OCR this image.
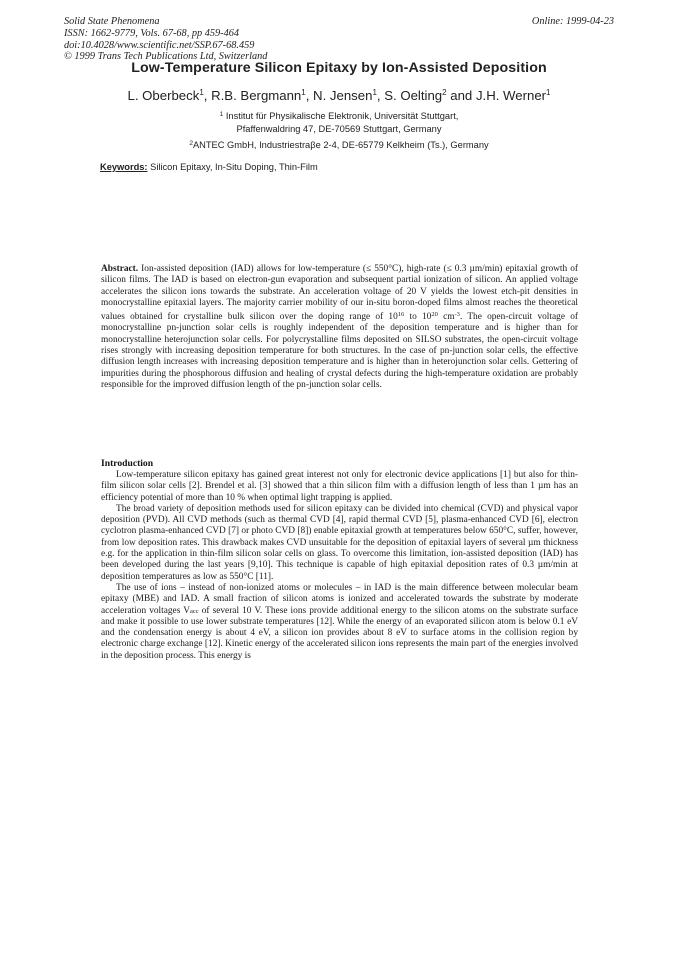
Solid State Phenomena
ISSN: 1662-9779, Vols. 67-68, pp 459-464
doi:10.4028/www.scientific.net/SSP.67-68.459
© 1999 Trans Tech Publications Ltd, Switzerland
Online: 1999-04-23
Low-Temperature Silicon Epitaxy by Ion-Assisted Deposition
L. Oberbeck$^1$, R.B. Bergmann$^1$, N. Jensen$^1$, S. Oelting$^2$ and J.H. Werner$^1$
$^1$ Institut für Physikalische Elektronik, Universität Stuttgart,
Pfaffenwaldring 47, DE-70569 Stuttgart, Germany
$^2$ANTEC GmbH, Industriestraβe 2-4, DE-65779 Kelkheim (Ts.), Germany
Keywords: Silicon Epitaxy, In-Situ Doping, Thin-Film

Abstract. Ion-assisted deposition (IAD) allows for low-temperature (≤ 550°C), high-rate (≤ 0.3 µm/min) epitaxial growth of silicon films. The IAD is based on electron-gun evaporation and subsequent partial ionization of silicon. An applied voltage accelerates the silicon ions towards the substrate. An acceleration voltage of 20 V yields the lowest etch-pit densities in monocrystalline epitaxial layers. The majority carrier mobility of our in-situ boron-doped films almost reaches the theoretical values obtained for crystalline bulk silicon over the doping range of $10^{16}$ to $10^{20}$ $cm^{-3}$. The open-circuit voltage of monocrystalline pn-junction solar cells is roughly independent of the deposition temperature and is higher than for monocrystalline heterojunction solar cells. For polycrystalline films deposited on SILSO substrates, the open-circuit voltage rises strongly with increasing deposition temperature for both structures. In the case of pn-junction solar cells, the effective diffusion length increases with increasing deposition temperature and is higher than in heterojunction solar cells. Gettering of impurities during the phosphorous diffusion and healing of crystal defects during the high-temperature oxidation are probably responsible for the improved diffusion length of the pn-junction solar cells.

Introduction

Low-temperature silicon epitaxy has gained great interest not only for electronic device applications [1] but also for thin-film silicon solar cells [2]. Brendel et al. [3] showed that a thin silicon film with a diffusion length of less than 1 µm has an efficiency potential of more than 10 % when optimal light trapping is applied.

The broad variety of deposition methods used for silicon epitaxy can be divided into chemical (CVD) and physical vapor deposition (PVD). All CVD methods (such as thermal CVD [4], rapid thermal CVD [5], plasma-enhanced CVD [6], electron cyclotron plasma-enhanced CVD [7] or photo CVD [8]) enable epitaxial growth at temperatures below 650°C, suffer, however, from low deposition rates. This drawback makes CVD unsuitable for the deposition of epitaxial layers of several µm thickness e.g. for the application in thin-film silicon solar cells on glass. To overcome this limitation, ion-assisted deposition (IAD) has been developed during the last years [9,10]. This technique is capable of high epitaxial deposition rates of 0.3 µm/min at deposition temperatures as low as 550°C [11].

The use of ions – instead of non-ionized atoms or molecules – in IAD is the main difference between molecular beam epitaxy (MBE) and IAD. A small fraction of silicon atoms is ionized and accelerated towards the substrate by moderate acceleration voltages Vacc of several 10 V. These ions provide additional energy to the silicon atoms on the substrate surface and make it possible to use lower substrate temperatures [12]. While the energy of an evaporated silicon atom is below 0.1 eV and the condensation energy is about 4 eV, a silicon ion provides about 8 eV to surface atoms in the collision region by electronic charge exchange [12]. Kinetic energy of the accelerated silicon ions represents the main part of the energies involved in the deposition process. This energy is
